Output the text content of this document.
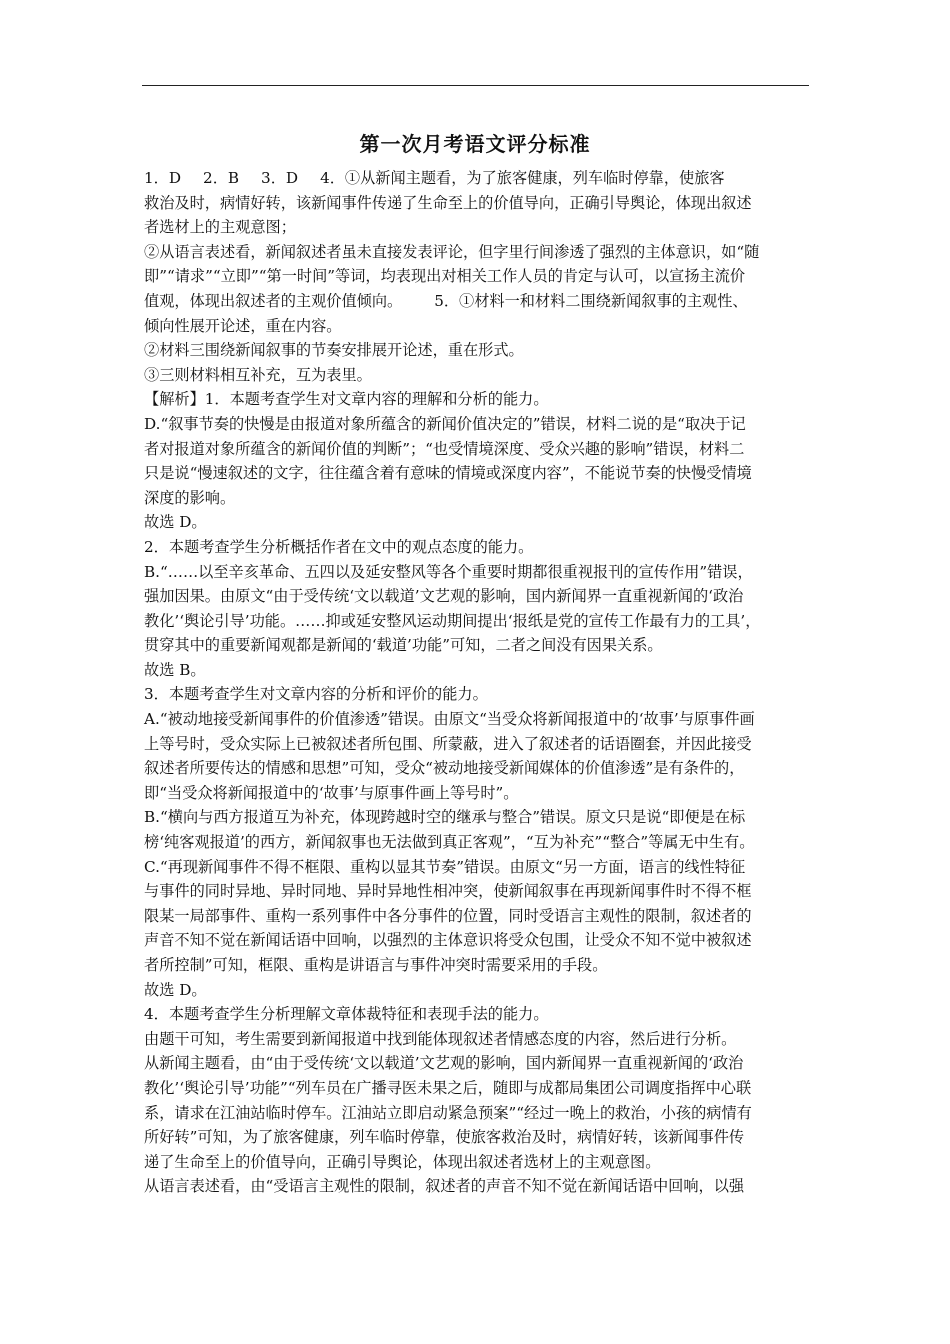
第一次月考语文评分标准

1．D 2．B 3．D 4．①从新闻主题看，为了旅客健康，列车临时停靠，使旅客

救治及时，病情好转，该新闻事件传递了生命至上的价值导向，正确引导舆论，体现出叙述

者选材上的主观意图；

②从语言表述看，新闻叙述者虽未直接发表评论，但字里行间渗透了强烈的主体意识，如“随

即”“请求”“立即”“第一时间”等词，均表现出对相关工作人员的肯定与认可，以宣扬主流价

值观，体现出叙述者的主观价值倾向。 5．①材料一和材料二围绕新闻叙事的主观性、

倾向性展开论述，重在内容。

②材料三围绕新闻叙事的节奏安排展开论述，重在形式。

③三则材料相互补充，互为表里。

【解析】1．本题考查学生对文章内容的理解和分析的能力。

D.“叙事节奏的快慢是由报道对象所蕴含的新闻价值决定的”错误，材料二说的是“取决于记

者对报道对象所蕴含的新闻价值的判断”；“也受情境深度、受众兴趣的影响”错误，材料二

只是说“慢速叙述的文字，往往蕴含着有意味的情境或深度内容”，不能说节奏的快慢受情境

深度的影响。

故选 D。

2．本题考查学生分析概括作者在文中的观点态度的能力。

B.“……以至辛亥革命、五四以及延安整风等各个重要时期都很重视报刊的宣传作用”错误，

强加因果。由原文“由于受传统‘文以载道’文艺观的影响，国内新闻界一直重视新闻的‘政治

教化’‘舆论引导’功能。……抑或延安整风运动期间提出‘报纸是党的宣传工作最有力的工具’，

贯穿其中的重要新闻观都是新闻的‘载道’功能”可知，二者之间没有因果关系。

故选 B。

3．本题考查学生对文章内容的分析和评价的能力。

A.“被动地接受新闻事件的价值渗透”错误。由原文“当受众将新闻报道中的‘故事’与原事件画

上等号时，受众实际上已被叙述者所包围、所蒙蔽，进入了叙述者的话语圈套，并因此接受

叙述者所要传达的情感和思想”可知，受众“被动地接受新闻媒体的价值渗透”是有条件的，

即“当受众将新闻报道中的‘故事’与原事件画上等号时”。

B.“横向与西方报道互为补充，体现跨越时空的继承与整合”错误。原文只是说“即便是在标

榜‘纯客观报道’的西方，新闻叙事也无法做到真正客观”，“互为补充”“整合”等属无中生有。

C.“再现新闻事件不得不框限、重构以显其节奏”错误。由原文“另一方面，语言的线性特征

与事件的同时异地、异时同地、异时异地性相冲突，使新闻叙事在再现新闻事件时不得不框

限某一局部事件、重构一系列事件中各分事件的位置，同时受语言主观性的限制，叙述者的

声音不知不觉在新闻话语中回响，以强烈的主体意识将受众包围，让受众不知不觉中被叙述

者所控制”可知，框限、重构是讲语言与事件冲突时需要采用的手段。

故选 D。

4．本题考查学生分析理解文章体裁特征和表现手法的能力。

由题干可知，考生需要到新闻报道中找到能体现叙述者情感态度的内容，然后进行分析。

从新闻主题看，由“由于受传统‘文以载道’文艺观的影响，国内新闻界一直重视新闻的‘政治

教化’‘舆论引导’功能”“列车员在广播寻医未果之后，随即与成都局集团公司调度指挥中心联

系，请求在江油站临时停车。江油站立即启动紧急预案”“经过一晚上的救治，小孩的病情有

所好转”可知，为了旅客健康，列车临时停靠，使旅客救治及时，病情好转，该新闻事件传

递了生命至上的价值导向，正确引导舆论，体现出叙述者选材上的主观意图。

从语言表述看，由“受语言主观性的限制，叙述者的声音不知不觉在新闻话语中回响，以强
